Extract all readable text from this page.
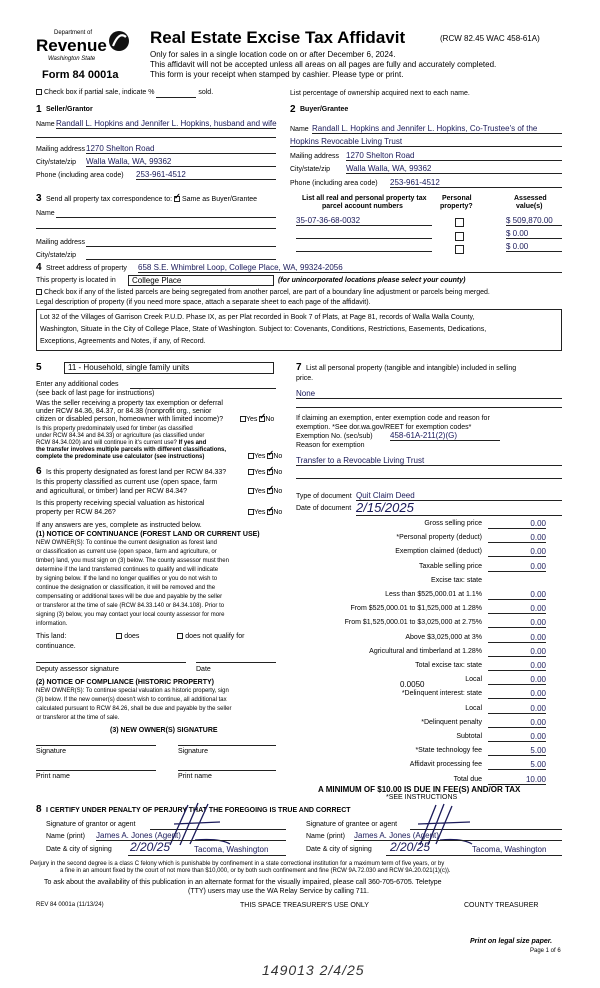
Department of
Revenue
Washington State
Form 84 0001a
Real Estate Excise Tax Affidavit	(RCW 82.45 WAC 458-61A)
Only for sales in a single location code on or after December 6, 2024.
This affidavit will not be accepted unless all areas on all pages are fully and accurately completed.
This form is your receipt when stamped by cashier. Please type or print.
Check box if partial sale, indicate %	sold.	List percentage of ownership acquired next to each name.
1 Seller/Grantor
Name Randall L. Hopkins and Jennifer L. Hopkins, husband and wife
Mailing address 1270 Shelton Road
City/state/zip Walla Walla, WA, 99362
Phone (including area code) 253-961-4512
2 Buyer/Grantee
Name Randall L. Hopkins and Jennifer L. Hopkins, Co-Trustee's of the
Hopkins Revocable Living Trust
Mailing address 1270 Shelton Road
City/state/zip Walla Walla, WA, 99362
Phone (including area code) 253-961-4512
3 Send all property tax correspondence to: ✓ Same as Buyer/Grantee
Name
Mailing address
City/state/zip
List all real and personal property tax
parcel account numbers
Personal
property?
Assessed
value(s)
35-07-36-68-0032	$ 509,870.00
$ 0.00
$ 0.00
4 Street address of property 658 S.E. Whimbrel Loop, College Place, WA, 99324-2056
This property is located in	College Place	(for unincorporated locations please select your county)
Check box if any of the listed parcels are being segregated from another parcel, are part of a boundary line adjustment or parcels being merged.
Legal description of property (if you need more space, attach a separate sheet to each page of the affidavit).
Lot 32 of the Villages of Garrison Creek P.U.D. Phase IX, as per Plat recorded in Book 7 of Plats, at Page 81, records of Walla Walla County,
Washington, Situate in the City of College Place, State of Washington. Subject to: Covenants, Conditions, Restrictions, Easements, Dedications,
Exceptions, Agreements and Notes, if any, of Record.
5	11 - Household, single family units
Enter any additional codes
(see back of last page for instructions)
Was the seller receiving a property tax exemption or deferral
under RCW 84.36, 84.37, or 84.38 (nonprofit org., senior
citizen or disabled person, homeowner with limited income)?	Yes ✓ No
Is this property predominately used for timber (as classified
under RCW 84.34 and 84.33) or agriculture (as classified under
RCW 84.34.020) and will continue in it's current use? If yes and
the transfer involves multiple parcels with different classifications,
complete the predominate use calculator (see instructions)	Yes ✓ No
6 Is this property designated as forest land per RCW 84.33?	Yes ✓ No
Is this property classified as current use (open space, farm
and agricultural, or timber) land per RCW 84.34?	Yes ✓ No
Is this property receiving special valuation as historical
property per RCW 84.26?	Yes ✓ No
If any answers are yes, complete as instructed below.
(1) NOTICE OF CONTINUANCE (FOREST LAND OR CURRENT USE)
NEW OWNER(S): To continue the current designation as forest land
or classification as current use (open space, farm and agriculture, or
timber) land, you must sign on (3) below. The county assessor must then
determine if the land transferred continues to qualify and will indicate
by signing below. If the land no longer qualifies or you do not wish to
continue the designation or classification, it will be removed and the
compensating or additional taxes will be due and payable by the seller
or transferor at the time of sale (RCW 84.33.140 or 84.34.108). Prior to
signing (3) below, you may contact your local county assessor for more
information.
This land:	does	does not qualify for
continuance.
Deputy assessor signature	Date
(2) NOTICE OF COMPLIANCE (HISTORIC PROPERTY)
NEW OWNER(S): To continue special valuation as historic property, sign
(3) below. If the new owner(s) doesn't wish to continue, all additional tax
calculated pursuant to RCW 84.26, shall be due and payable by the seller
or transferor at the time of sale.
(3) NEW OWNER(S) SIGNATURE
Signature	Signature
Print name	Print name
7 List all personal property (tangible and intangible) included in selling
price.
None
If claiming an exemption, enter exemption code and reason for
exemption. *See dor.wa.gov/REET for exemption codes*
Exemption No. (sec/sub) 458-61A-211(2)(G)
Reason for exemption
Transfer to a Revocable Living Trust
Type of document Quit Claim Deed
Date of document 2/15/2025
Gross selling price	0.00
*Personal property (deduct)	0.00
Exemption claimed (deduct)	0.00
Taxable selling price	0.00
Excise tax: state
Less than $525,000.01 at 1.1%	0.00
From $525,000.01 to $1,525,000 at 1.28%	0.00
From $1,525,000.01 to $3,025,000 at 2.75%	0.00
Above $3,025,000 at 3%	0.00
Agricultural and timberland at 1.28%	0.00
Total excise tax: state	0.00
Local	0.00
*Delinquent interest: state	0.00
Local	0.00
*Delinquent penalty	0.00
Subtotal	0.00
*State technology fee	5.00
Affidavit processing fee	5.00
Total due	10.00
0.0050
A MINIMUM OF $10.00 IS DUE IN FEE(S) AND/OR TAX
*SEE INSTRUCTIONS
8 I CERTIFY UNDER PENALTY OF PERJURY THAT THE FOREGOING IS TRUE AND CORRECT
Signature of grantor or agent
Name (print) James A. Jones (Agent)
Date & city of signing 2/20/25	Tacoma, Washington
Signature of grantee or agent
Name (print) James A. Jones (Agent)
Date & city of signing 2/20/25	Tacoma, Washington
Perjury in the second degree is a class C felony which is punishable by confinement in a state correctional institution for a maximum term of five years, or by
a fine in an amount fixed by the court of not more than $10,000, or by both such confinement and fine (RCW 9A.72.030 and RCW 9A.20.021(1)(c)).
To ask about the availability of this publication in an alternate format for the visually impaired, please call 360-705-6705. Teletype
(TTY) users may use the WA Relay Service by calling 711.
REV 84 0001a (11/13/24)	THIS SPACE TREASURER'S USE ONLY	COUNTY TREASURER
Print on legal size paper.
Page 1 of 6
149013 2/4/25
